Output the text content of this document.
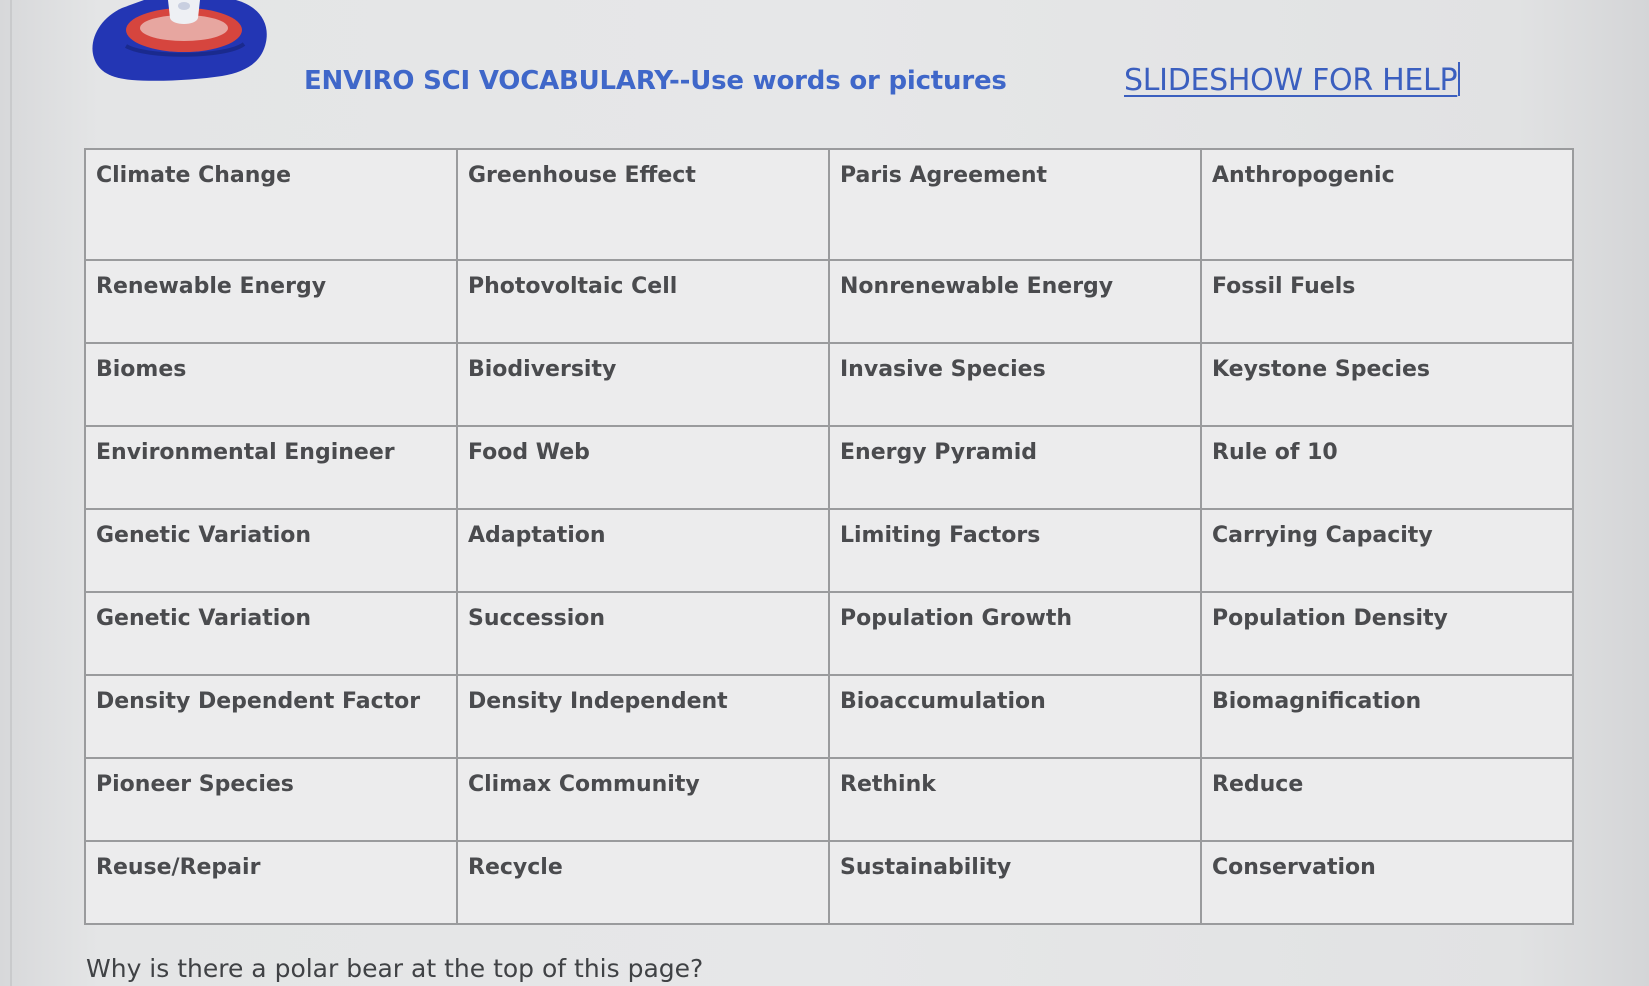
ENVIRO SCI VOCABULARY--Use words or pictures	SLIDESHOW FOR HELP
Climate Change	Greenhouse Effect	Paris Agreement	Anthropogenic
Renewable Energy	Photovoltaic Cell	Nonrenewable Energy	Fossil Fuels
Biomes	Biodiversity	Invasive Species	Keystone Species
Environmental Engineer	Food Web	Energy Pyramid	Rule of 10
Genetic Variation	Adaptation	Limiting Factors	Carrying Capacity
Genetic Variation	Succession	Population Growth	Population Density
Density Dependent Factor	Density Independent	Bioaccumulation	Biomagnification
Pioneer Species	Climax Community	Rethink	Reduce
Reuse/Repair	Recycle	Sustainability	Conservation
Why is there a polar bear at the top of this page?
